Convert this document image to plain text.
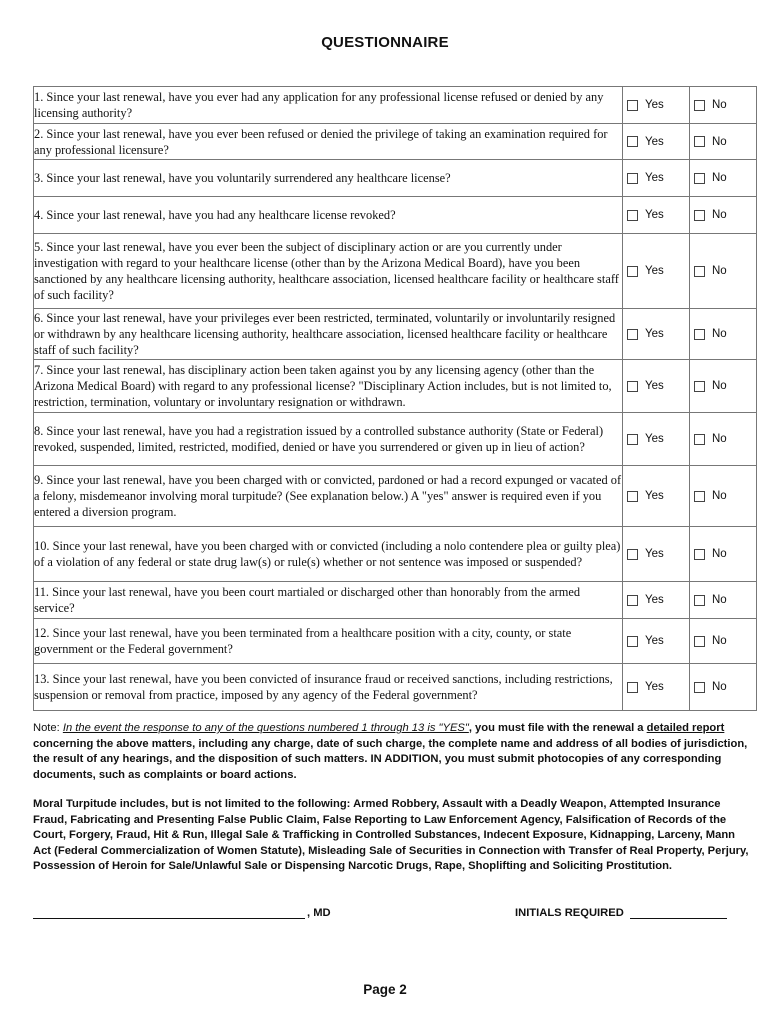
QUESTIONNAIRE
1. Since your last renewal, have you ever had any application for any professional license refused or denied by any licensing authority?	Yes	No

2. Since your last renewal, have you ever been refused or denied the privilege of taking an examination required for any professional licensure?	Yes	No

3. Since your last renewal, have you voluntarily surrendered any healthcare license?	Yes	No

4. Since your last renewal, have you had any healthcare license revoked?	Yes	No

5. Since your last renewal, have you ever been the subject of disciplinary action or are you currently under investigation with regard to your healthcare license (other than by the Arizona Medical Board), have you been sanctioned by any healthcare licensing authority, healthcare association, licensed healthcare facility or healthcare staff of such facility?	Yes	No

6. Since your last renewal, have your privileges ever been restricted, terminated, voluntarily or involuntarily resigned or withdrawn by any healthcare licensing authority, healthcare association, licensed healthcare facility or healthcare staff of such facility?	Yes	No

7. Since your last renewal, has disciplinary action been taken against you by any licensing agency (other than the Arizona Medical Board) with regard to any professional license? "Disciplinary Action includes, but is not limited to, restriction, termination, voluntary or involuntary resignation or withdrawn.	Yes	No

8. Since your last renewal, have you had a registration issued by a controlled substance authority (State or Federal) revoked, suspended, limited, restricted, modified, denied or have you surrendered or given up in lieu of action?	Yes	No

9. Since your last renewal, have you been charged with or convicted, pardoned or had a record expunged or vacated of a felony, misdemeanor involving moral turpitude? (See explanation below.) A "yes" answer is required even if you entered a diversion program.	Yes	No

10. Since your last renewal, have you been charged with or convicted (including a nolo contendere plea or guilty plea) of a violation of any federal or state drug law(s) or rule(s) whether or not sentence was imposed or suspended?	Yes	No

11. Since your last renewal, have you been court martialed or discharged other than honorably from the armed service?	Yes	No

12. Since your last renewal, have you been terminated from a healthcare position with a city, county, or state government or the Federal government?	Yes	No

13. Since your last renewal, have you been convicted of insurance fraud or received sanctions, including restrictions, suspension or removal from practice, imposed by any agency of the Federal government?	Yes	No
Note: In the event the response to any of the questions numbered 1 through 13 is "YES", you must file with the renewal a detailed report concerning the above matters, including any charge, date of such charge, the complete name and address of all bodies of jurisdiction, the result of any hearings, and the disposition of such matters. IN ADDITION, you must submit photocopies of any corresponding documents, such as complaints or board actions.
Moral Turpitude includes, but is not limited to the following: Armed Robbery, Assault with a Deadly Weapon, Attempted Insurance Fraud, Fabricating and Presenting False Public Claim, False Reporting to Law Enforcement Agency, Falsification of Records of the Court, Forgery, Fraud, Hit & Run, Illegal Sale & Trafficking in Controlled Substances, Indecent Exposure, Kidnapping, Larceny, Mann Act (Federal Commercialization of Women Statute), Misleading Sale of Securities in Connection with Transfer of Real Property, Perjury, Possession of Heroin for Sale/Unlawful Sale or Dispensing Narcotic Drugs, Rape, Shoplifting and Soliciting Prostitution.
, MD	INITIALS REQUIRED
Page 2
